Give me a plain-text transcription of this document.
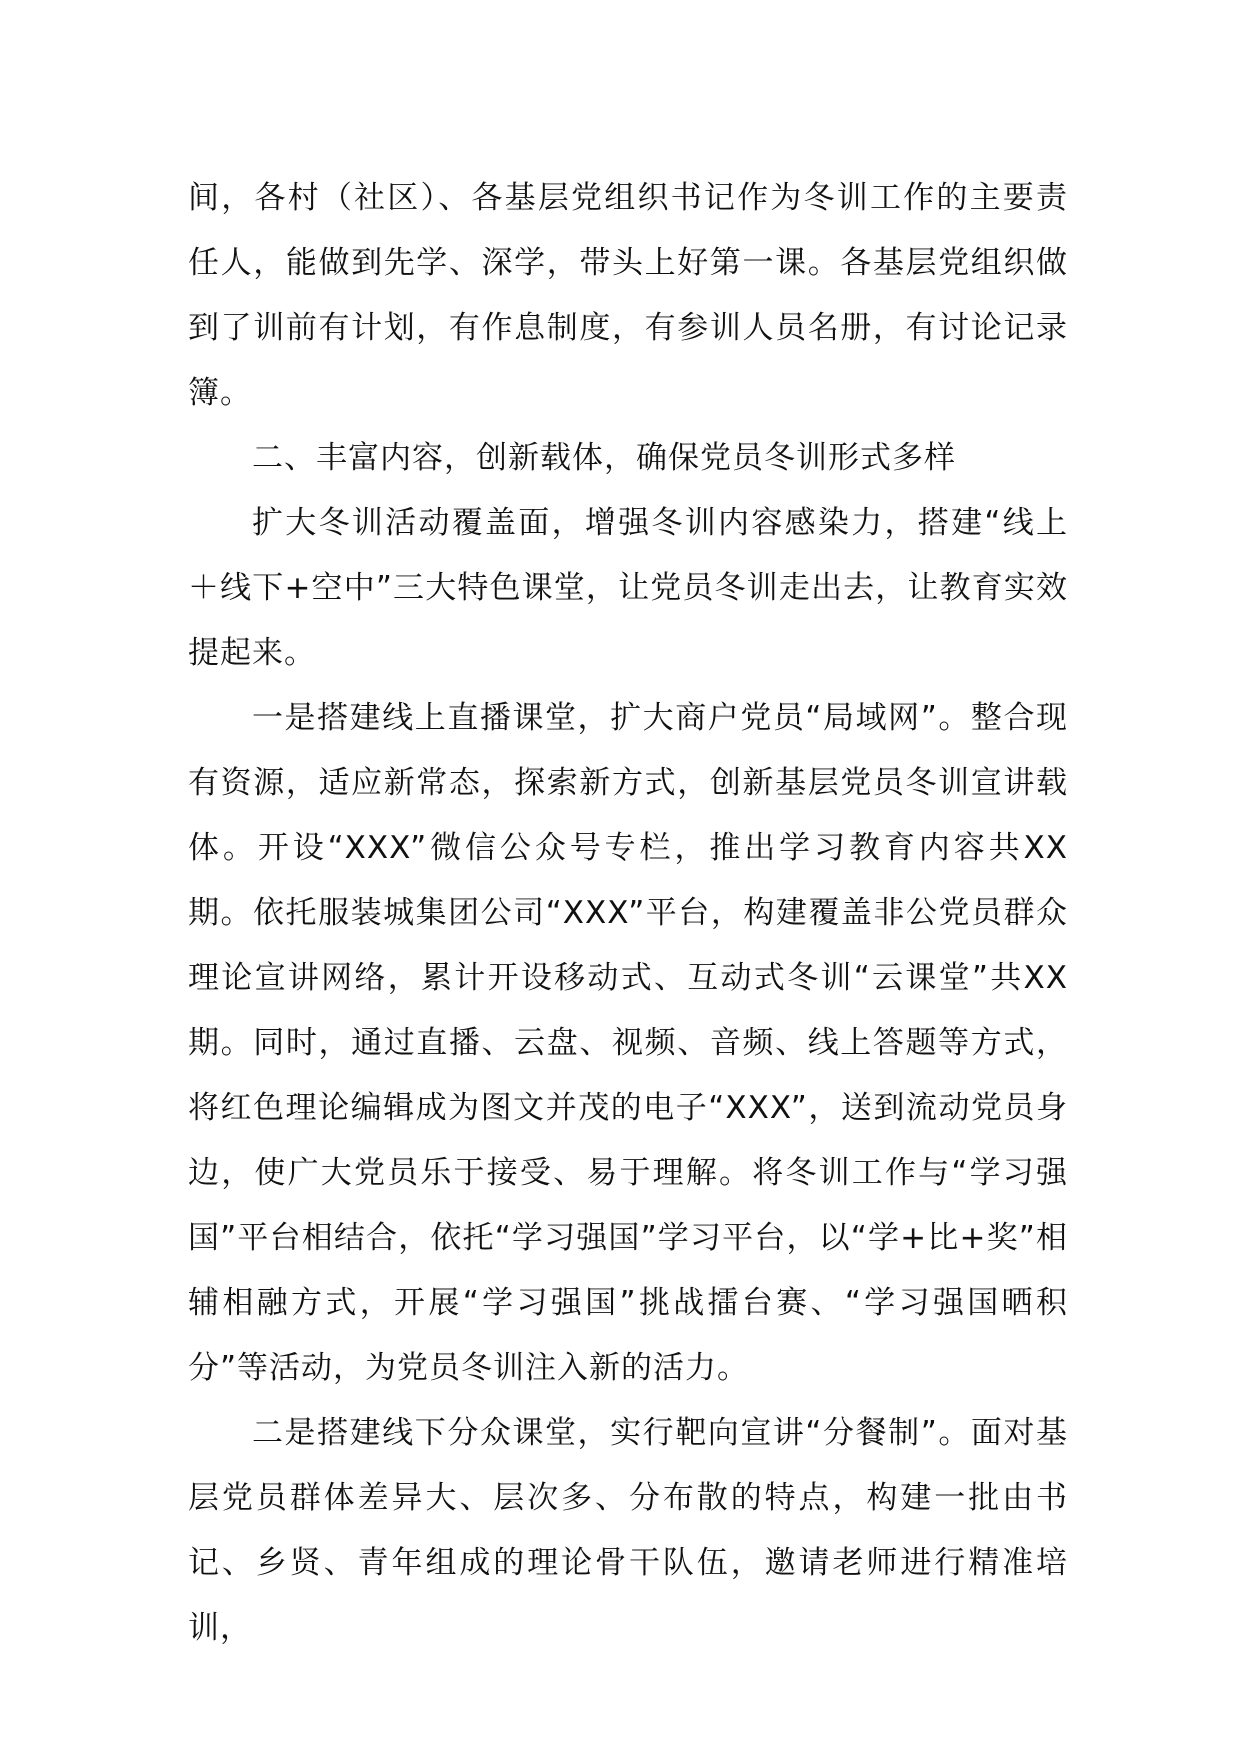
间，各村（社区）、各基层党组织书记作为冬训工作的主要责任人，能做到先学、深学，带头上好第一课。各基层党组织做到了训前有计划，有作息制度，有参训人员名册，有讨论记录簿。

二、丰富内容，创新载体，确保党员冬训形式多样

扩大冬训活动覆盖面，增强冬训内容感染力，搭建“线上＋线下+空中”三大特色课堂，让党员冬训走出去，让教育实效提起来。

一是搭建线上直播课堂，扩大商户党员“局域网”。整合现有资源，适应新常态，探索新方式，创新基层党员冬训宣讲载体。开设“XXX”微信公众号专栏，推出学习教育内容共XX期。依托服装城集团公司“XXX”平台，构建覆盖非公党员群众理论宣讲网络，累计开设移动式、互动式冬训“云课堂”共XX期。同时，通过直播、云盘、视频、音频、线上答题等方式，将红色理论编辑成为图文并茂的电子“XXX”，送到流动党员身边，使广大党员乐于接受、易于理解。将冬训工作与“学习强国”平台相结合，依托“学习强国”学习平台，以“学+比+奖”相辅相融方式，开展“学习强国”挑战擂台赛、“学习强国晒积分”等活动，为党员冬训注入新的活力。

二是搭建线下分众课堂，实行靶向宣讲“分餐制”。面对基层党员群体差异大、层次多、分布散的特点，构建一批由书记、乡贤、青年组成的理论骨干队伍，邀请老师进行精准培训，
